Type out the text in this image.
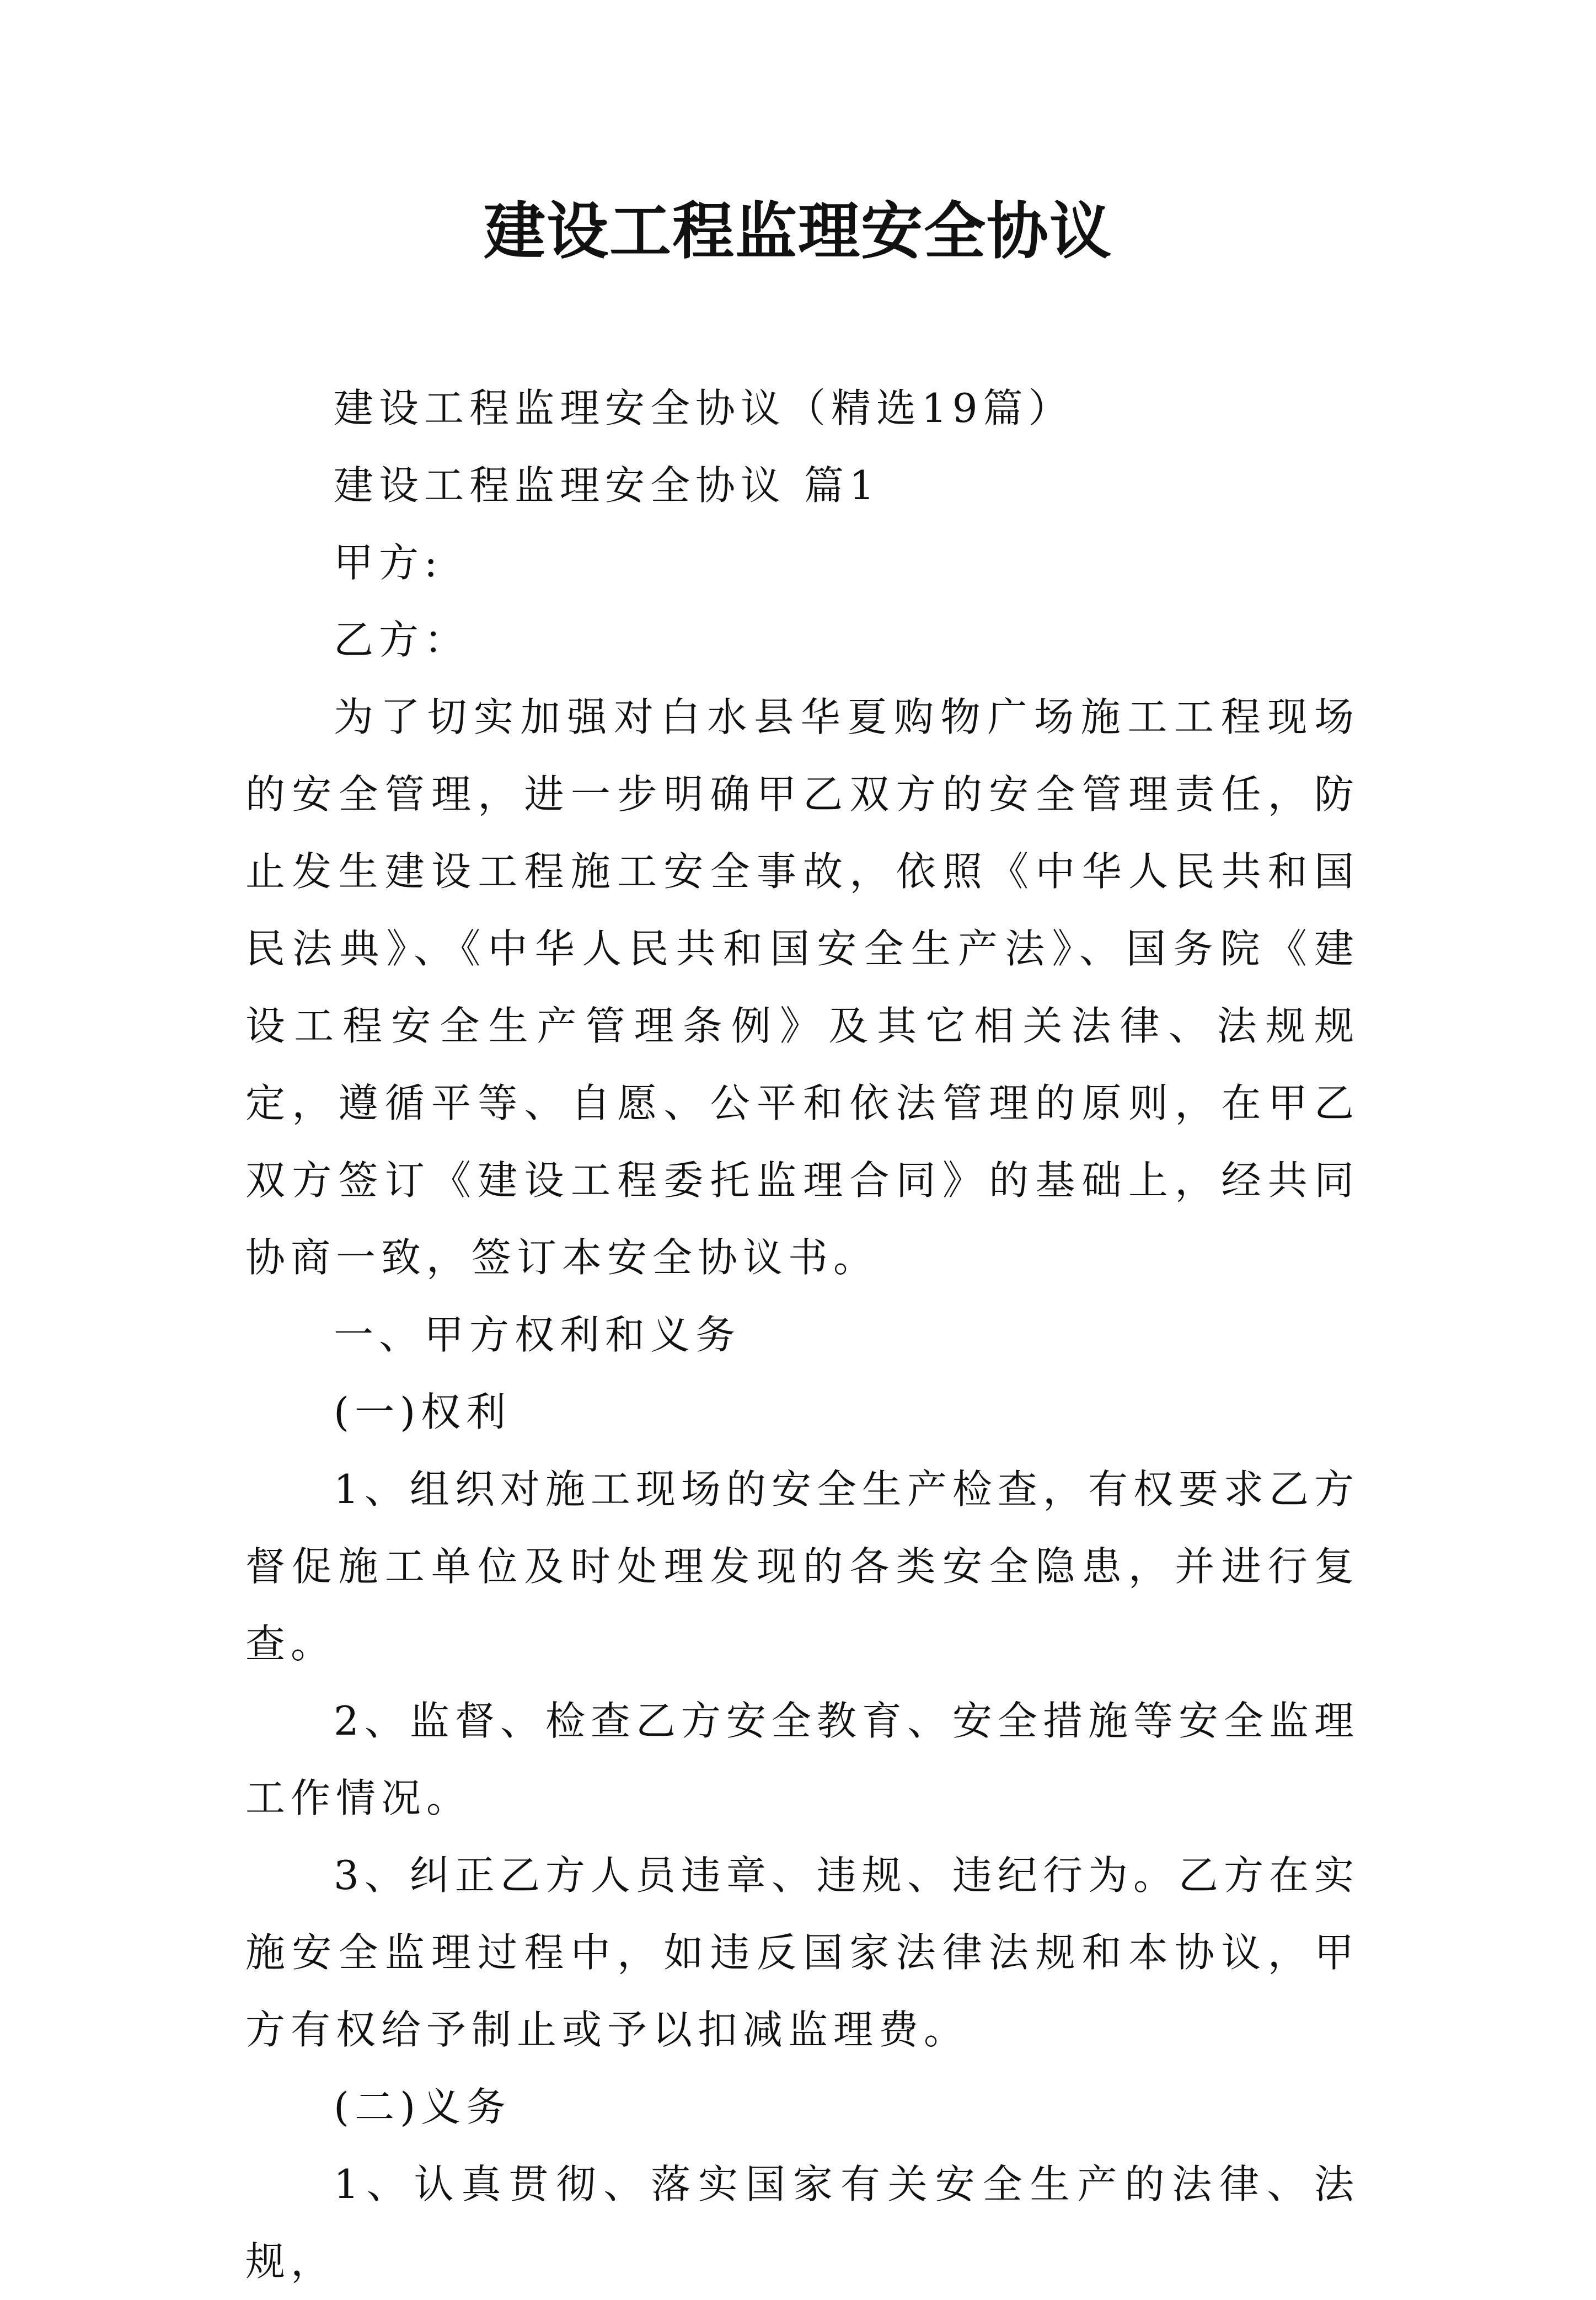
建设工程监理安全协议

建设工程监理安全协议（精选19篇）

建设工程监理安全协议 篇1

甲方:

乙方：

为了切实加强对白水县华夏购物广场施工工程现场的安全管理，进一步明确甲乙双方的安全管理责任，防止发生建设工程施工安全事故，依照《中华人民共和国民法典》、《中华人民共和国安全生产法》、国务院《建设工程安全生产管理条例》及其它相关法律、法规规定，遵循平等、自愿、公平和依法管理的原则，在甲乙双方签订《建设工程委托监理合同》的基础上，经共同协商一致，签订本安全协议书。

一、甲方权利和义务

(一)权利

1、组织对施工现场的安全生产检查，有权要求乙方督促施工单位及时处理发现的各类安全隐患，并进行复查。

2、监督、检查乙方安全教育、安全措施等安全监理工作情况。

3、纠正乙方人员违章、违规、违纪行为。乙方在实施安全监理过程中，如违反国家法律法规和本协议，甲方有权给予制止或予以扣减监理费。

(二)义务

1、认真贯彻、落实国家有关安全生产的法律、法规，
